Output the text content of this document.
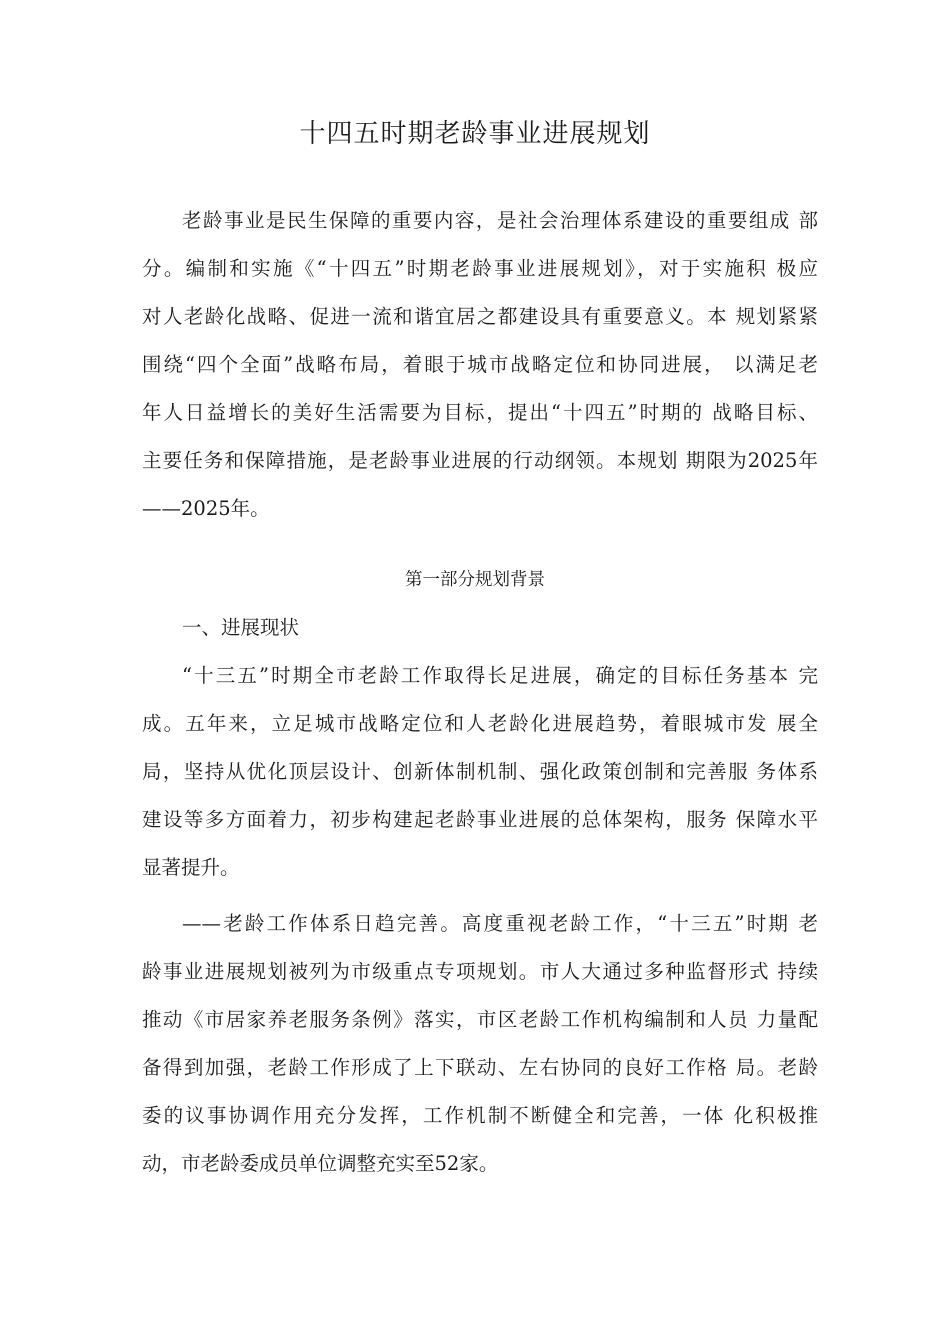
十四五时期老龄事业进展规划
老龄事业是民生保障的重要内容，是社会治理体系建设的重要组成 部
分。编制和实施《“十四五”时期老龄事业进展规划》，对于实施积 极应
对人老龄化战略、促进一流和谐宜居之都建设具有重要意义。本 规划紧紧
围绕“四个全面”战略布局，着眼于城市战略定位和协同进展， 以满足老
年人日益增长的美好生活需要为目标，提出“十四五”时期的 战略目标、
主要任务和保障措施，是老龄事业进展的行动纲领。本规划 期限为2025年
——2025年。
第一部分规划背景
一、进展现状
“十三五”时期全市老龄工作取得长足进展，确定的目标任务基本 完
成。五年来，立足城市战略定位和人老龄化进展趋势，着眼城市发 展全
局，坚持从优化顶层设计、创新体制机制、强化政策创制和完善服 务体系
建设等多方面着力，初步构建起老龄事业进展的总体架构，服务 保障水平
显著提升。
——老龄工作体系日趋完善。高度重视老龄工作，“十三五”时期 老
龄事业进展规划被列为市级重点专项规划。市人大通过多种监督形式 持续
推动《市居家养老服务条例》落实，市区老龄工作机构编制和人员 力量配
备得到加强，老龄工作形成了上下联动、左右协同的良好工作格 局。老龄
委的议事协调作用充分发挥，工作机制不断健全和完善，一体 化积极推
动，市老龄委成员单位调整充实至52家。
